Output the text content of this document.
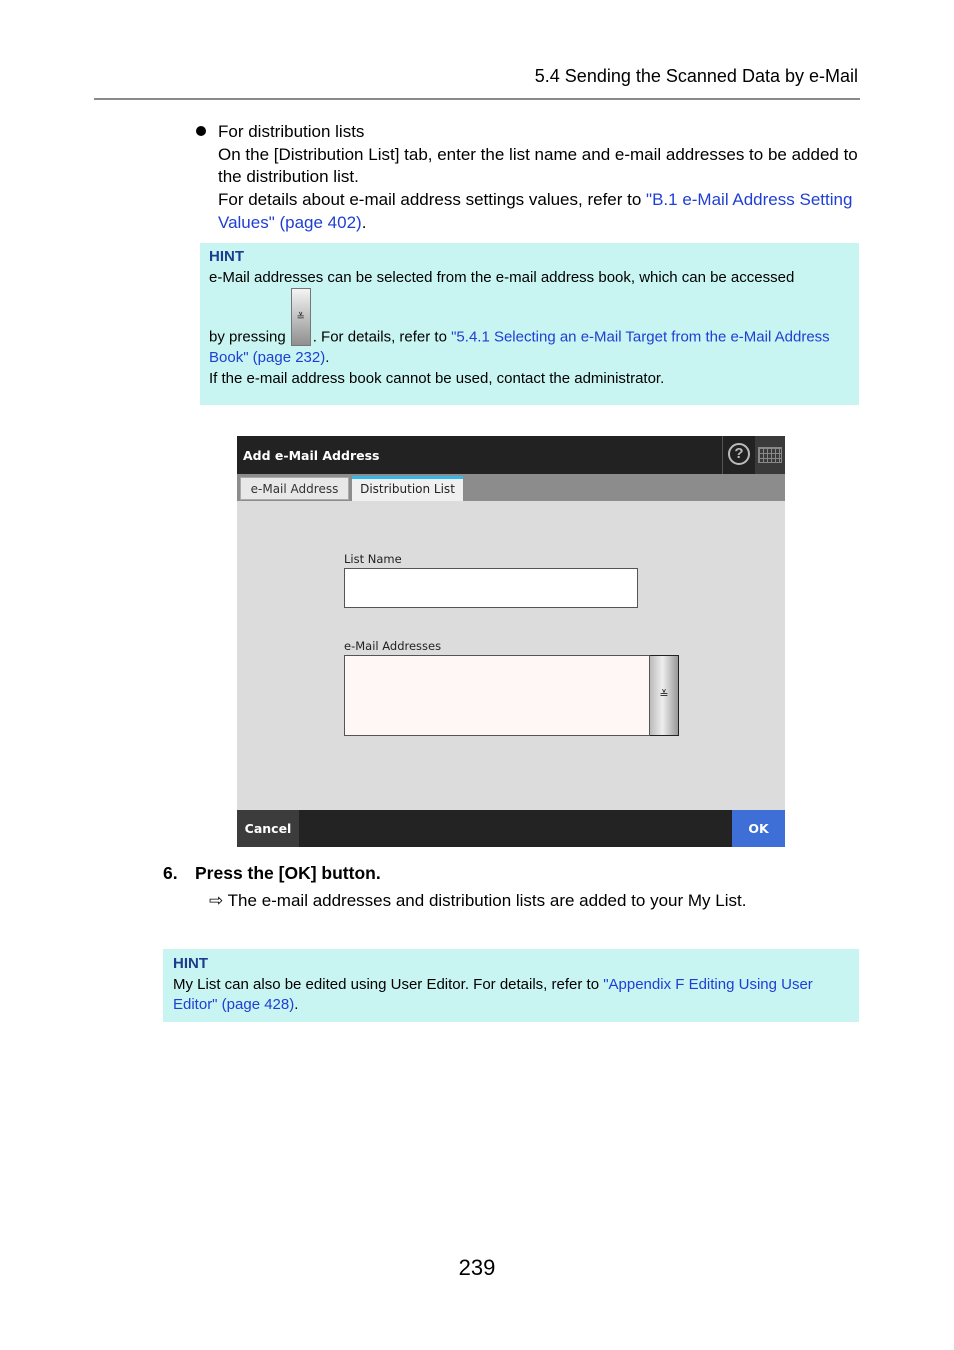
5.4 Sending the Scanned Data by e-Mail
For distribution lists
On the [Distribution List] tab, enter the list name and e-mail addresses to be added to the distribution list.
For details about e-mail address settings values, refer to "B.1 e-Mail Address Setting Values" (page 402).
HINT
e-Mail addresses can be selected from the e-mail address book, which can be accessed
by pressing
≚
. For details, refer to "5.4.1 Selecting an e-Mail Target from the e-Mail Address Book" (page 232).
If the e-mail address book cannot be used, contact the administrator.
Add e-Mail Address	?
e-Mail Address	Distribution List
List Name
e-Mail Addresses
≚
Cancel	OK
6. Press the [OK] button.
⇨ The e-mail addresses and distribution lists are added to your My List.
HINT
My List can also be edited using User Editor. For details, refer to "Appendix F Editing Using User Editor" (page 428).
239
